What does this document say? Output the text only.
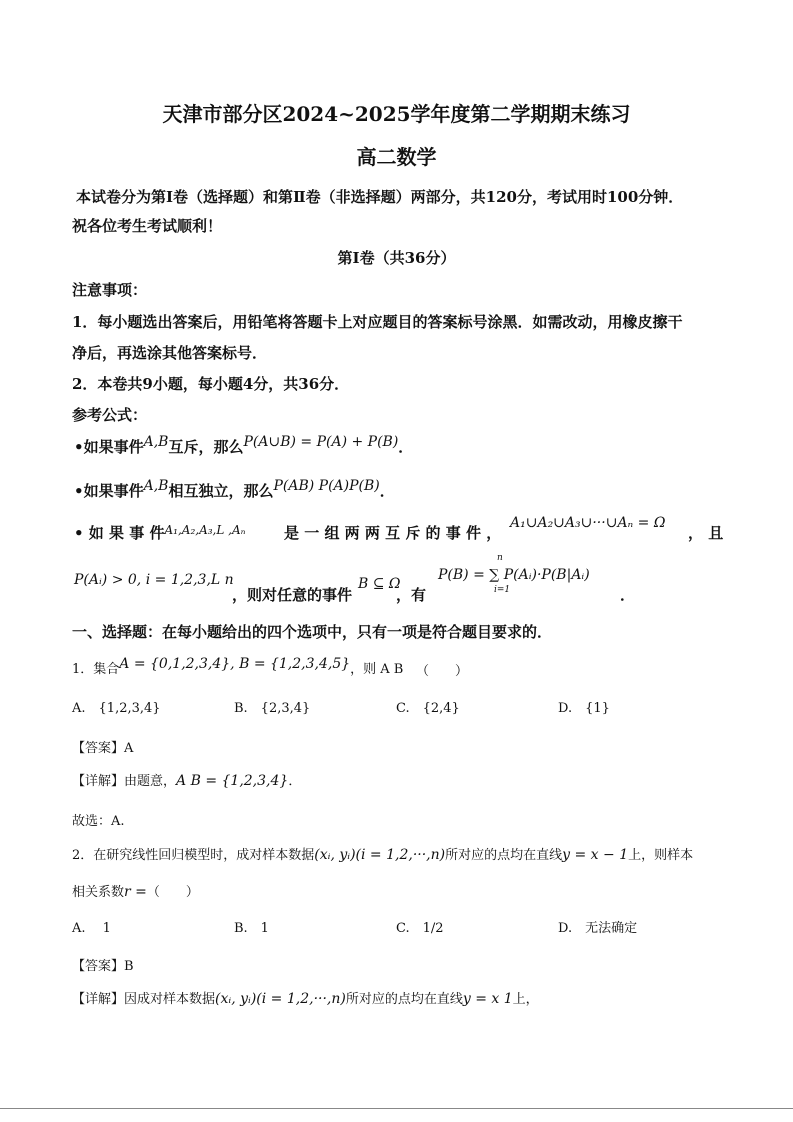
天津市部分区2024~2025学年度第二学期期末练习
高二数学
本试卷分为第Ⅰ卷（选择题）和第Ⅱ卷（非选择题）两部分，共120分，考试用时100分钟．
祝各位考生考试顺利！
第Ⅰ卷（共36分）
注意事项：
1．每小题选出答案后，用铅笔将答题卡上对应题目的答案标号涂黑．如需改动，用橡皮擦干
净后，再选涂其他答案标号．
2．本卷共9小题，每小题4分，共36分．
参考公式：
•如果事件A,B互斥，那么P(A∪B) = P(A) + P(B)．
•如果事件A,B相互独立，那么P(AB) P(A)P(B)．
• 如 果 事 件$^{A_1,A_2,A_3,L ,A_n}$	是 一 组 两 两 互 斥 的 事 件 ，
A₁∪A₂∪A₃∪···∪Aₙ = Ω
， 且
P(Aᵢ) > 0, i = 1,2,3,L n
，则对任意的事件
B ⊆ Ω
，有
P(B) = ∑ P(Aᵢ)·P(B|Aᵢ)
n
i=1	．
一、选择题：在每小题给出的四个选项中，只有一项是符合题目要求的．
1．集合A = {0,1,2,3,4}, B = {1,2,3,4,5}，则 A B （　　）
A.　{1,2,3,4}	B.　{2,3,4}	C.　{2,4}	D.　{1}
【答案】A
【详解】由题意，A B = {1,2,3,4}．
故选：A.
2．在研究线性回归模型时，成对样本数据(xᵢ, yᵢ)(i = 1,2,···,n)所对应的点均在直线y = x − 1上，则样本
相关系数r =（　　）
A.　 1	B.　1	C.　1/2	D.　无法确定
【答案】B
【详解】因成对样本数据(xᵢ, yᵢ)(i = 1,2,···,n)所对应的点均在直线y = x 1上，
